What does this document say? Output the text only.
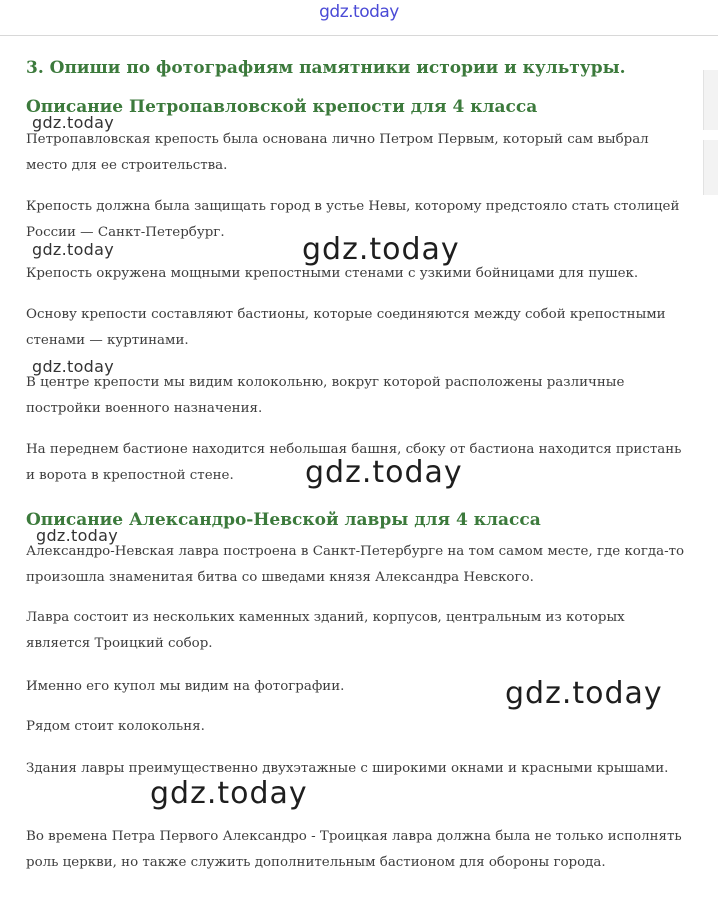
gdz.today
3. Опиши по фотографиям памятники истории и культуры.
Описание Петропавловской крепости для 4 класса

Петропавловская крепость была основана лично Петром Первым, который сам выбрал место для ее строительства.

Крепость должна была защищать город в устье Невы, которому предстояло стать столицей России — Санкт-Петербург.

Крепость окружена мощными крепостными стенами с узкими бойницами для пушек.

Основу крепости составляют бастионы, которые соединяются между собой крепостными стенами — куртинами.

В центре крепости мы видим колокольню, вокруг которой расположены различные постройки военного назначения.

На переднем бастионе находится небольшая башня, сбоку от бастиона находится пристань и ворота в крепостной стене.

Описание Александро-Невской лавры для 4 класса

Александро-Невская лавра построена в Санкт-Петербурге на том самом месте, где когда-то произошла знаменитая битва со шведами князя Александра Невского.

Лавра состоит из нескольких каменных зданий, корпусов, центральным из которых является Троицкий собор.

Именно его купол мы видим на фотографии.

Рядом стоит колокольня.

Здания лавры преимущественно двухэтажные с широкими окнами и красными крышами.

Во времена Петра Первого Александро - Троицкая лавра должна была не только исполнять роль церкви, но также служить дополнительным бастионом для обороны города.

gdz.today
gdz.today	gdz.today
gdz.today
gdz.today
gdz.today
gdz.today
gdz.today
